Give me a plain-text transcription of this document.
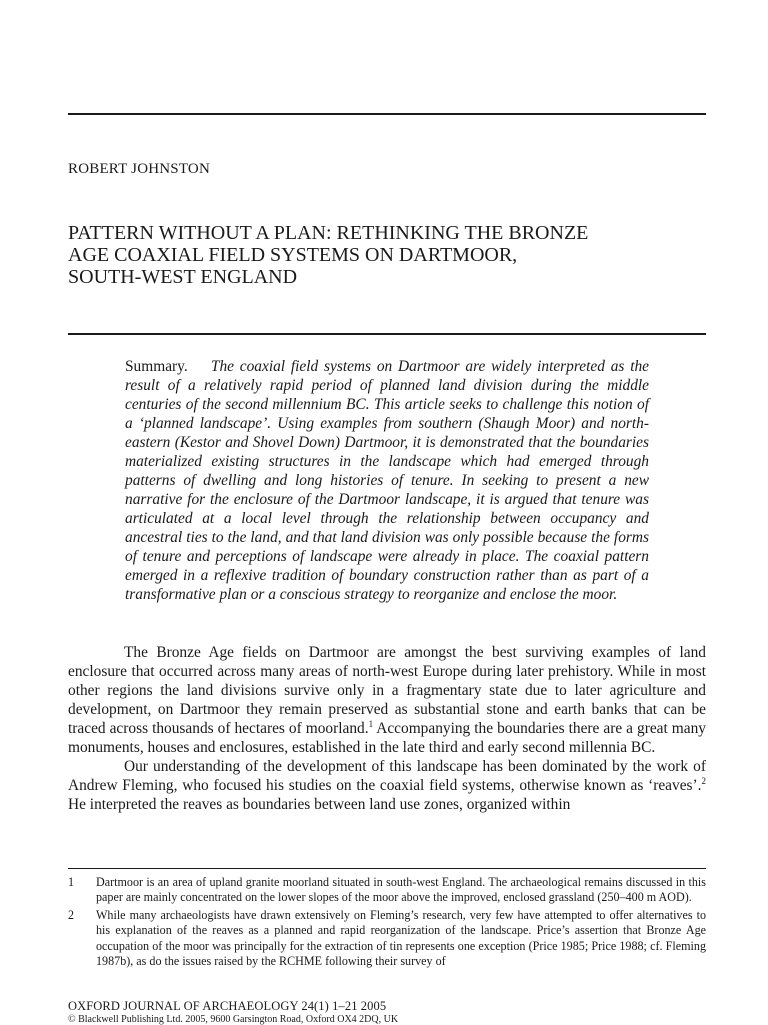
ROBERT JOHNSTON
PATTERN WITHOUT A PLAN: RETHINKING THE BRONZE
AGE COAXIAL FIELD SYSTEMS ON DARTMOOR,
SOUTH-WEST ENGLAND
Summary. The coaxial field systems on Dartmoor are widely interpreted as the result of a relatively rapid period of planned land division during the middle centuries of the second millennium BC. This article seeks to challenge this notion of a ‘planned landscape’. Using examples from southern (Shaugh Moor) and north-eastern (Kestor and Shovel Down) Dartmoor, it is demonstrated that the boundaries materialized existing structures in the landscape which had emerged through patterns of dwelling and long histories of tenure. In seeking to present a new narrative for the enclosure of the Dartmoor landscape, it is argued that tenure was articulated at a local level through the relationship between occupancy and ancestral ties to the land, and that land division was only possible because the forms of tenure and perceptions of landscape were already in place. The coaxial pattern emerged in a reflexive tradition of boundary construction rather than as part of a transformative plan or a conscious strategy to reorganize and enclose the moor.

The Bronze Age fields on Dartmoor are amongst the best surviving examples of land enclosure that occurred across many areas of north-west Europe during later prehistory. While in most other regions the land divisions survive only in a fragmentary state due to later agriculture and development, on Dartmoor they remain preserved as substantial stone and earth banks that can be traced across thousands of hectares of moorland.$^1$ Accompanying the boundaries there are a great many monuments, houses and enclosures, established in the late third and early second millennia BC.

Our understanding of the development of this landscape has been dominated by the work of Andrew Fleming, who focused his studies on the coaxial field systems, otherwise known as ‘reaves’.$^2$ He interpreted the reaves as boundaries between land use zones, organized within

1	Dartmoor is an area of upland granite moorland situated in south-west England. The archaeological remains discussed in this paper are mainly concentrated on the lower slopes of the moor above the improved, enclosed grassland (250–400 m AOD).
2	While many archaeologists have drawn extensively on Fleming’s research, very few have attempted to offer alternatives to his explanation of the reaves as a planned and rapid reorganization of the landscape. Price’s assertion that Bronze Age occupation of the moor was principally for the extraction of tin represents one exception (Price 1985; Price 1988; cf. Fleming 1987b), as do the issues raised by the RCHME following their survey of
OXFORD JOURNAL OF ARCHAEOLOGY 24(1) 1–21 2005
© Blackwell Publishing Ltd. 2005, 9600 Garsington Road, Oxford OX4 2DQ, UK
